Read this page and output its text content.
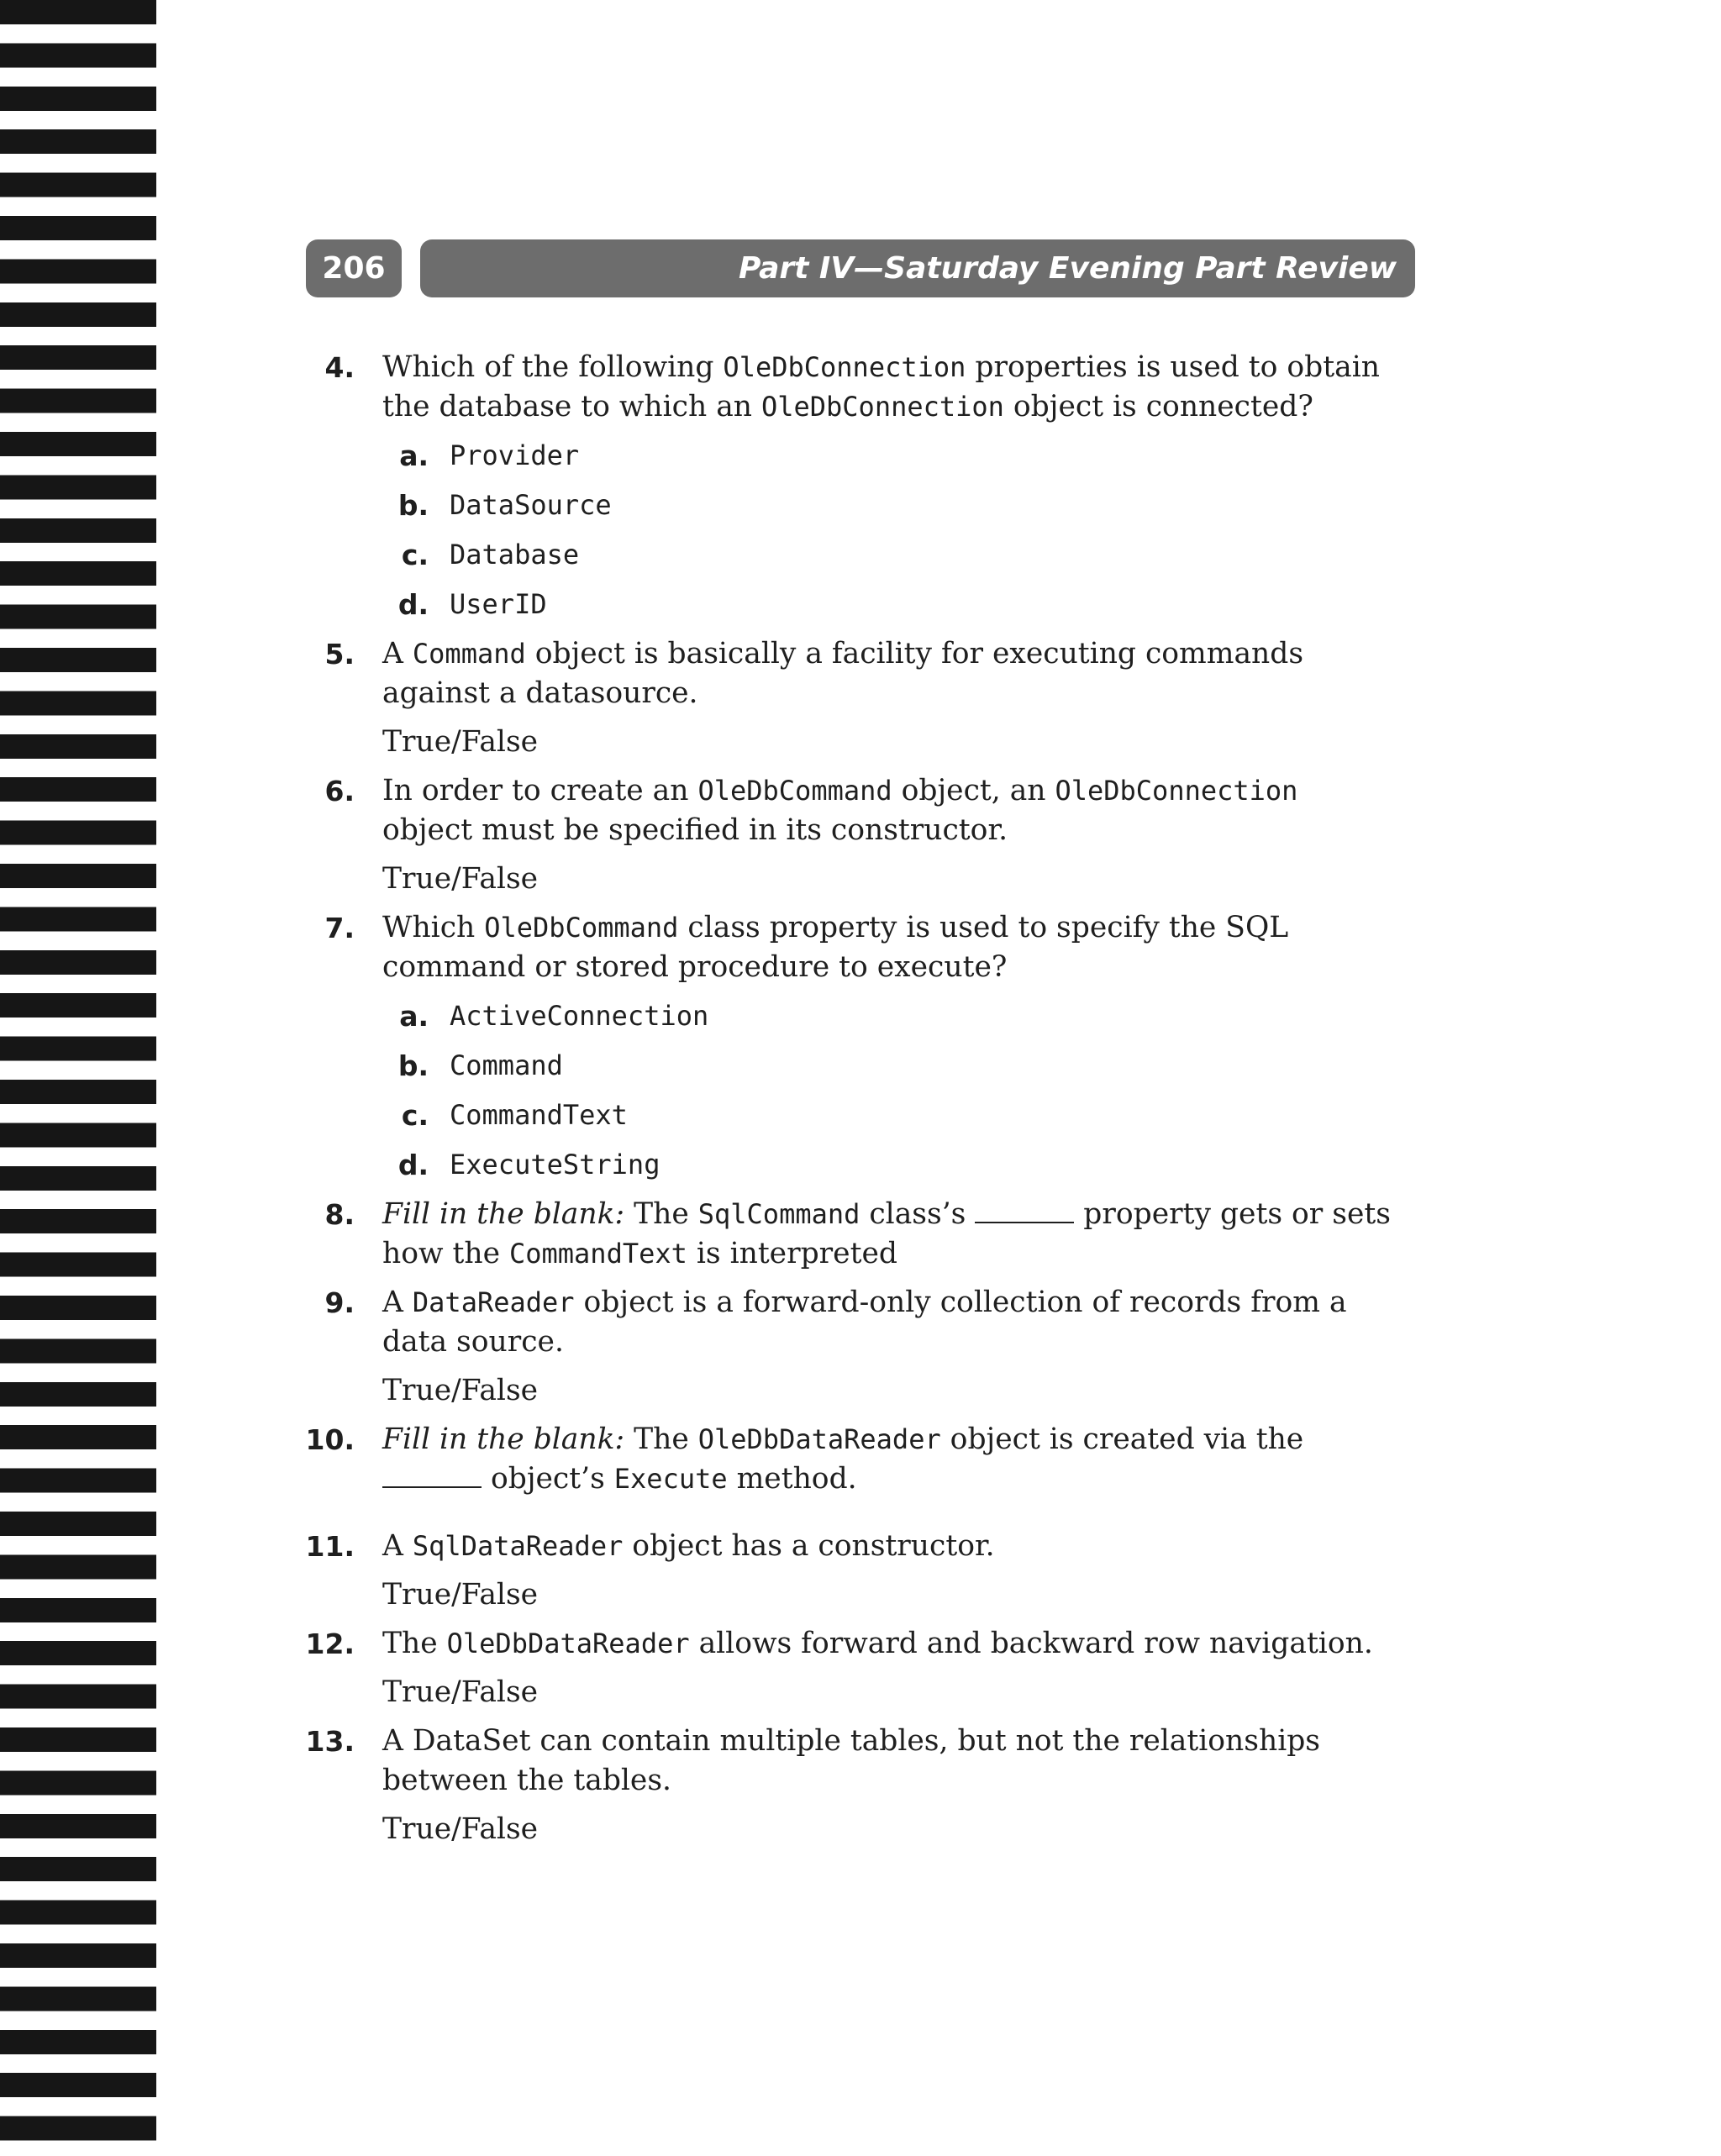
206	Part IV—Saturday Evening Part Review
4. Which of the following OleDbConnection properties is used to obtain the database to which an OleDbConnection object is connected?
a. Provider
b. DataSource
c. Database
d. UserID
5. A Command object is basically a facility for executing commands against a datasource.
True/False
6. In order to create an OleDbCommand object, an OleDbConnection object must be specified in its constructor.
True/False
7. Which OleDbCommand class property is used to specify the SQL command or stored procedure to execute?
a. ActiveConnection
b. Command
c. CommandText
d. ExecuteString
8. Fill in the blank: The SqlCommand class’s	property gets or sets how the CommandText is interpreted
9. A DataReader object is a forward-only collection of records from a data source.
True/False
10. Fill in the blank: The OleDbDataReader object is created via the  object’s Execute method.
11. A SqlDataReader object has a constructor.
True/False
12. The OleDbDataReader allows forward and backward row navigation.
True/False
13. A DataSet can contain multiple tables, but not the relationships between the tables.
True/False
